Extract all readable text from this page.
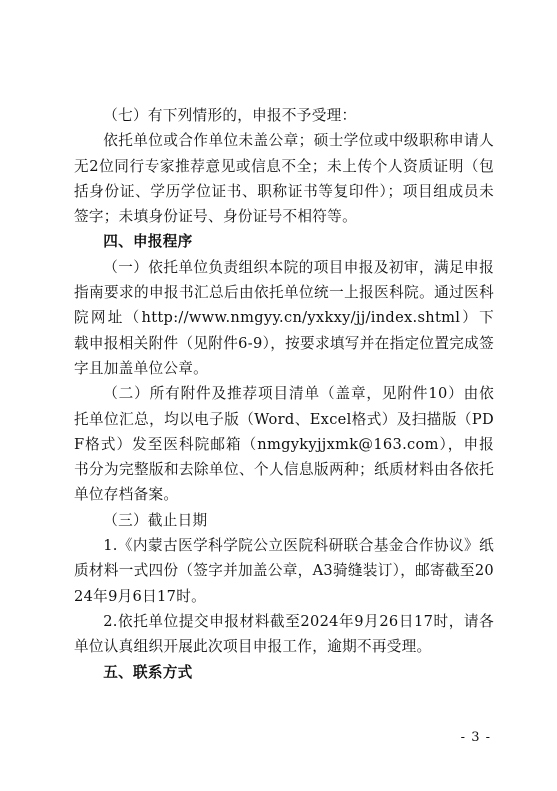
（七）有下列情形的，申报不予受理：

依托单位或合作单位未盖公章；硕士学位或中级职称申请人无2位同行专家推荐意见或信息不全；未上传个人资质证明（包括身份证、学历学位证书、职称证书等复印件）；项目组成员未签字；未填身份证号、身份证号不相符等。

四、申报程序

（一）依托单位负责组织本院的项目申报及初审，满足申报指南要求的申报书汇总后由依托单位统一上报医科院。通过医科院网址（http://www.nmgyy.cn/yxkxy/jj/index.shtml）下载申报相关附件（见附件6-9），按要求填写并在指定位置完成签字且加盖单位公章。

（二）所有附件及推荐项目清单（盖章，见附件10）由依托单位汇总，均以电子版（Word、Excel格式）及扫描版（PDF格式）发至医科院邮箱（nmgykyjjxmk@163.com），申报书分为完整版和去除单位、个人信息版两种；纸质材料由各依托单位存档备案。

（三）截止日期

1.《内蒙古医学科学院公立医院科研联合基金合作协议》纸质材料一式四份（签字并加盖公章，A3骑缝装订），邮寄截至2024年9月6日17时。

2.依托单位提交申报材料截至2024年9月26日17时，请各单位认真组织开展此次项目申报工作，逾期不再受理。

五、联系方式

- 3 -
